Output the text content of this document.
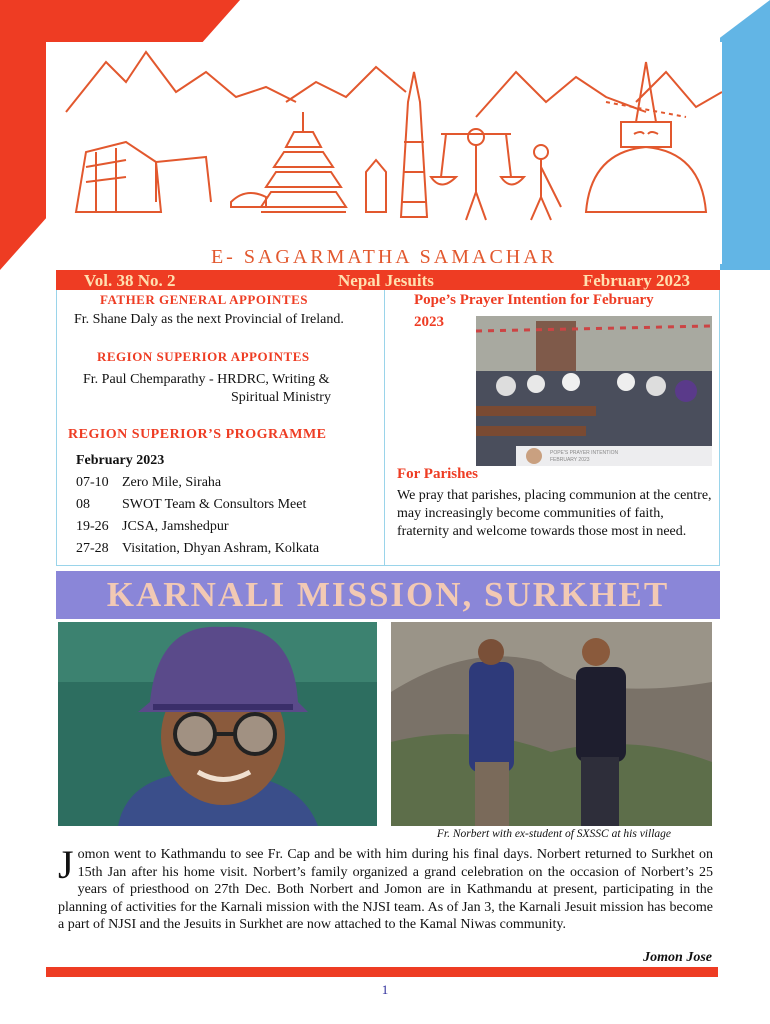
E- SAGARMATHA SAMACHAR
Vol. 38 No. 2	Nepal Jesuits	February 2023
FATHER GENERAL APPOINTES
Fr. Shane Daly as the next Provincial of Ireland.
REGION SUPERIOR APPOINTES
Fr. Paul Chemparathy - HRDRC, Writing &
Spiritual Ministry
REGION SUPERIOR’S PROGRAMME
February 2023
07-10 Zero Mile, Siraha
08 SWOT Team & Consultors Meet
19-26 JCSA, Jamshedpur
27-28 Visitation, Dhyan Ashram, Kolkata
Pope’s Prayer Intention for February
2023
POPE'S PRAYER INTENTION
FEBRUARY 2023
For Parishes
We pray that parishes, placing communion at the centre, may increasingly become communities of faith, fraternity and welcome towards those most in need.
KARNALI MISSION, SURKHET
Fr. Norbert with ex-student of SXSSC at his village
Jomon went to Kathmandu to see Fr. Cap and be with him during his final days. Norbert returned to Surkhet on 15th Jan after his home visit. Norbert’s family organized a grand celebration on the occasion of Norbert’s 25 years of priesthood on 27th Dec. Both Norbert and Jomon are in Kathmandu at present, participating in the planning of activities for the Karnali mission with the NJSI team. As of Jan 3, the Karnali Jesuit mission has become a part of NJSI and the Jesuits in Surkhet are now attached to the Kamal Niwas community.
Jomon Jose
1
